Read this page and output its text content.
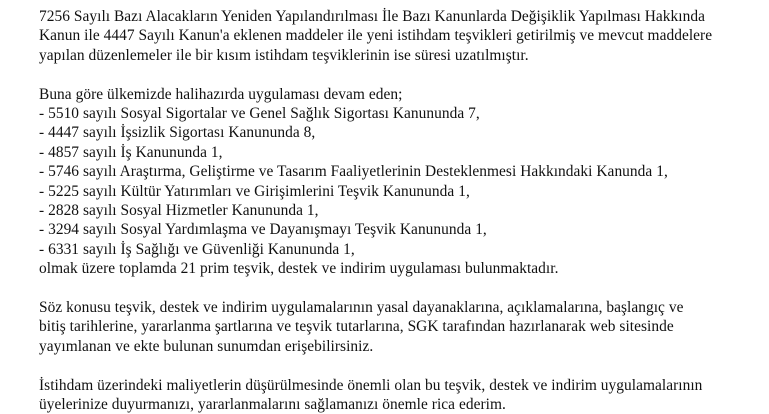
7256 Sayılı Bazı Alacakların Yeniden Yapılandırılması İle Bazı Kanunlarda Değişiklik Yapılması Hakkında
Kanun ile 4447 Sayılı Kanun'a eklenen maddeler ile yeni istihdam teşvikleri getirilmiş ve mevcut maddelere
yapılan düzenlemeler ile bir kısım istihdam teşviklerinin ise süresi uzatılmıştır.

Buna göre ülkemizde halihazırda uygulaması devam eden;
- 5510 sayılı Sosyal Sigortalar ve Genel Sağlık Sigortası Kanununda 7,
- 4447 sayılı İşsizlik Sigortası Kanununda 8,
- 4857 sayılı İş Kanununda 1,
- 5746 sayılı Araştırma, Geliştirme ve Tasarım Faaliyetlerinin Desteklenmesi Hakkındaki Kanunda 1,
- 5225 sayılı Kültür Yatırımları ve Girişimlerini Teşvik Kanununda 1,
- 2828 sayılı Sosyal Hizmetler Kanununda 1,
- 3294 sayılı Sosyal Yardımlaşma ve Dayanışmayı Teşvik Kanununda 1,
- 6331 sayılı İş Sağlığı ve Güvenliği Kanununda 1,
olmak üzere toplamda 21 prim teşvik, destek ve indirim uygulaması bulunmaktadır.

Söz konusu teşvik, destek ve indirim uygulamalarının yasal dayanaklarına, açıklamalarına, başlangıç ve
bitiş tarihlerine, yararlanma şartlarına ve teşvik tutarlarına, SGK tarafından hazırlanarak web sitesinde
yayımlanan ve ekte bulunan sunumdan erişebilirsiniz.

İstihdam üzerindeki maliyetlerin düşürülmesinde önemli olan bu teşvik, destek ve indirim uygulamalarının
üyelerinize duyurmanızı, yararlanmalarını sağlamanızı önemle rica ederim.
